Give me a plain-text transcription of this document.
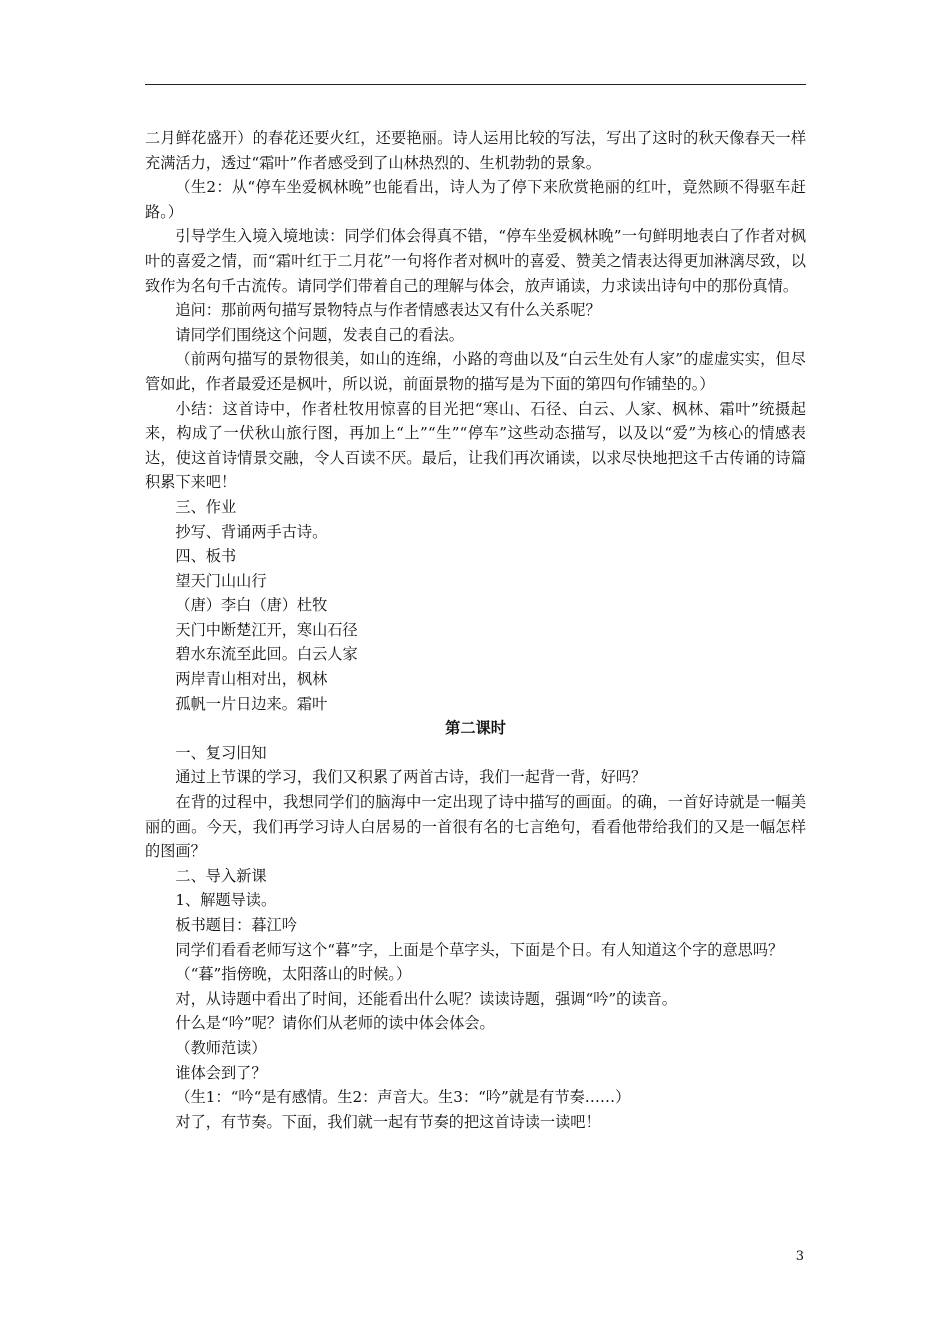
二月鲜花盛开）的春花还要火红，还要艳丽。诗人运用比较的写法，写出了这时的秋天像春天一样充满活力，透过“霜叶”作者感受到了山林热烈的、生机勃勃的景象。

（生2：从“停车坐爱枫林晚”也能看出，诗人为了停下来欣赏艳丽的红叶，竟然顾不得驱车赶路。）

引导学生入境入境地读：同学们体会得真不错，“停车坐爱枫林晚”一句鲜明地表白了作者对枫叶的喜爱之情，而“霜叶红于二月花”一句将作者对枫叶的喜爱、赞美之情表达得更加淋漓尽致，以致作为名句千古流传。请同学们带着自己的理解与体会，放声诵读，力求读出诗句中的那份真情。

追问：那前两句描写景物特点与作者情感表达又有什么关系呢？

请同学们围绕这个问题，发表自己的看法。

（前两句描写的景物很美，如山的连绵，小路的弯曲以及“白云生处有人家”的虚虚实实，但尽管如此，作者最爱还是枫叶，所以说，前面景物的描写是为下面的第四句作铺垫的。）

小结：这首诗中，作者杜牧用惊喜的目光把“寒山、石径、白云、人家、枫林、霜叶”统摄起来，构成了一伏秋山旅行图，再加上“上”“生”“停车”这些动态描写，以及以“爱”为核心的情感表达，使这首诗情景交融，令人百读不厌。最后，让我们再次诵读，以求尽快地把这千古传诵的诗篇积累下来吧！

三、作业

抄写、背诵两手古诗。

四、板书

望天门山山行

（唐）李白（唐）杜牧

天门中断楚江开，寒山石径

碧水东流至此回。白云人家

两岸青山相对出，枫林

孤帆一片日边来。霜叶

第二课时

一、复习旧知

通过上节课的学习，我们又积累了两首古诗，我们一起背一背，好吗？

在背的过程中，我想同学们的脑海中一定出现了诗中描写的画面。的确，一首好诗就是一幅美丽的画。今天，我们再学习诗人白居易的一首很有名的七言绝句，看看他带给我们的又是一幅怎样的图画？

二、导入新课

1、解题导读。

板书题目：暮江吟

同学们看看老师写这个“暮”字，上面是个草字头，下面是个日。有人知道这个字的意思吗？

（“暮”指傍晚，太阳落山的时候。）

对，从诗题中看出了时间，还能看出什么呢？读读诗题，强调“吟”的读音。

什么是“吟”呢？请你们从老师的读中体会体会。

（教师范读）

谁体会到了？

（生1：“吟“是有感情。生2：声音大。生3：“吟”就是有节奏……）

对了，有节奏。下面，我们就一起有节奏的把这首诗读一读吧！

3
